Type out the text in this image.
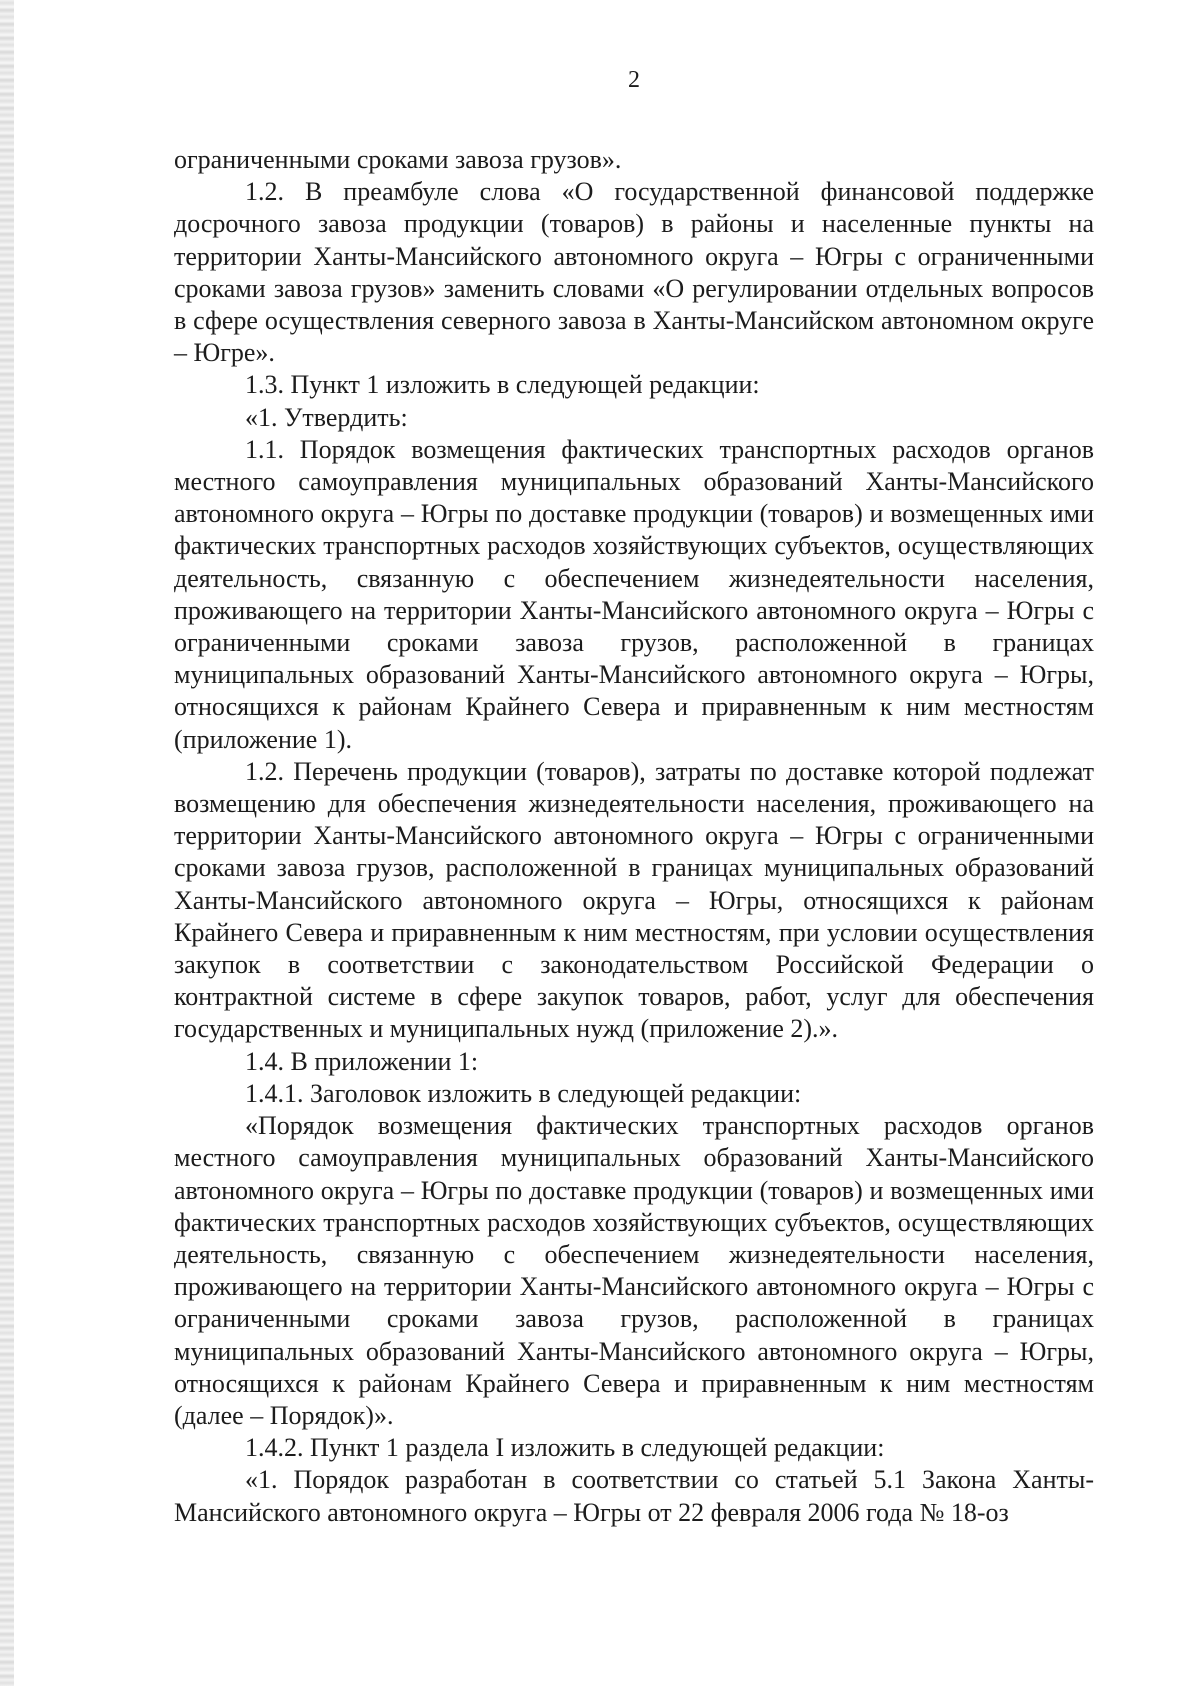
2

ограниченными сроками завоза грузов».

1.2. В преамбуле слова «О государственной финансовой поддержке досрочного завоза продукции (товаров) в районы и населенные пункты на территории Ханты-Мансийского автономного округа – Югры с ограниченными сроками завоза грузов» заменить словами «О регулировании отдельных вопросов в сфере осуществления северного завоза в Ханты-Мансийском автономном округе – Югре».

1.3. Пункт 1 изложить в следующей редакции:

«1. Утвердить:

1.1. Порядок возмещения фактических транспортных расходов органов местного самоуправления муниципальных образований Ханты-Мансийского автономного округа – Югры по доставке продукции (товаров) и возмещенных ими фактических транспортных расходов хозяйствующих субъектов, осуществляющих деятельность, связанную с обеспечением жизнедеятельности населения, проживающего на территории Ханты-Мансийского автономного округа – Югры с ограниченными сроками завоза грузов, расположенной в границах муниципальных образований Ханты-Мансийского автономного округа – Югры, относящихся к районам Крайнего Севера и приравненным к ним местностям (приложение 1).

1.2. Перечень продукции (товаров), затраты по доставке которой подлежат возмещению для обеспечения жизнедеятельности населения, проживающего на территории Ханты-Мансийского автономного округа – Югры с ограниченными сроками завоза грузов, расположенной в границах муниципальных образований Ханты-Мансийского автономного округа – Югры, относящихся к районам Крайнего Севера и приравненным к ним местностям, при условии осуществления закупок в соответствии с законодательством Российской Федерации о контрактной системе в сфере закупок товаров, работ, услуг для обеспечения государственных и муниципальных нужд (приложение 2).».

1.4. В приложении 1:

1.4.1. Заголовок изложить в следующей редакции:

«Порядок возмещения фактических транспортных расходов органов местного самоуправления муниципальных образований Ханты-Мансийского автономного округа – Югры по доставке продукции (товаров) и возмещенных ими фактических транспортных расходов хозяйствующих субъектов, осуществляющих деятельность, связанную с обеспечением жизнедеятельности населения, проживающего на территории Ханты-Мансийского автономного округа – Югры с ограниченными сроками завоза грузов, расположенной в границах муниципальных образований Ханты-Мансийского автономного округа – Югры, относящихся к районам Крайнего Севера и приравненным к ним местностям (далее – Порядок)».

1.4.2. Пункт 1 раздела I изложить в следующей редакции:

«1. Порядок разработан в соответствии со статьей 5.1 Закона Ханты-Мансийского автономного округа – Югры от 22 февраля 2006 года № 18-оз
